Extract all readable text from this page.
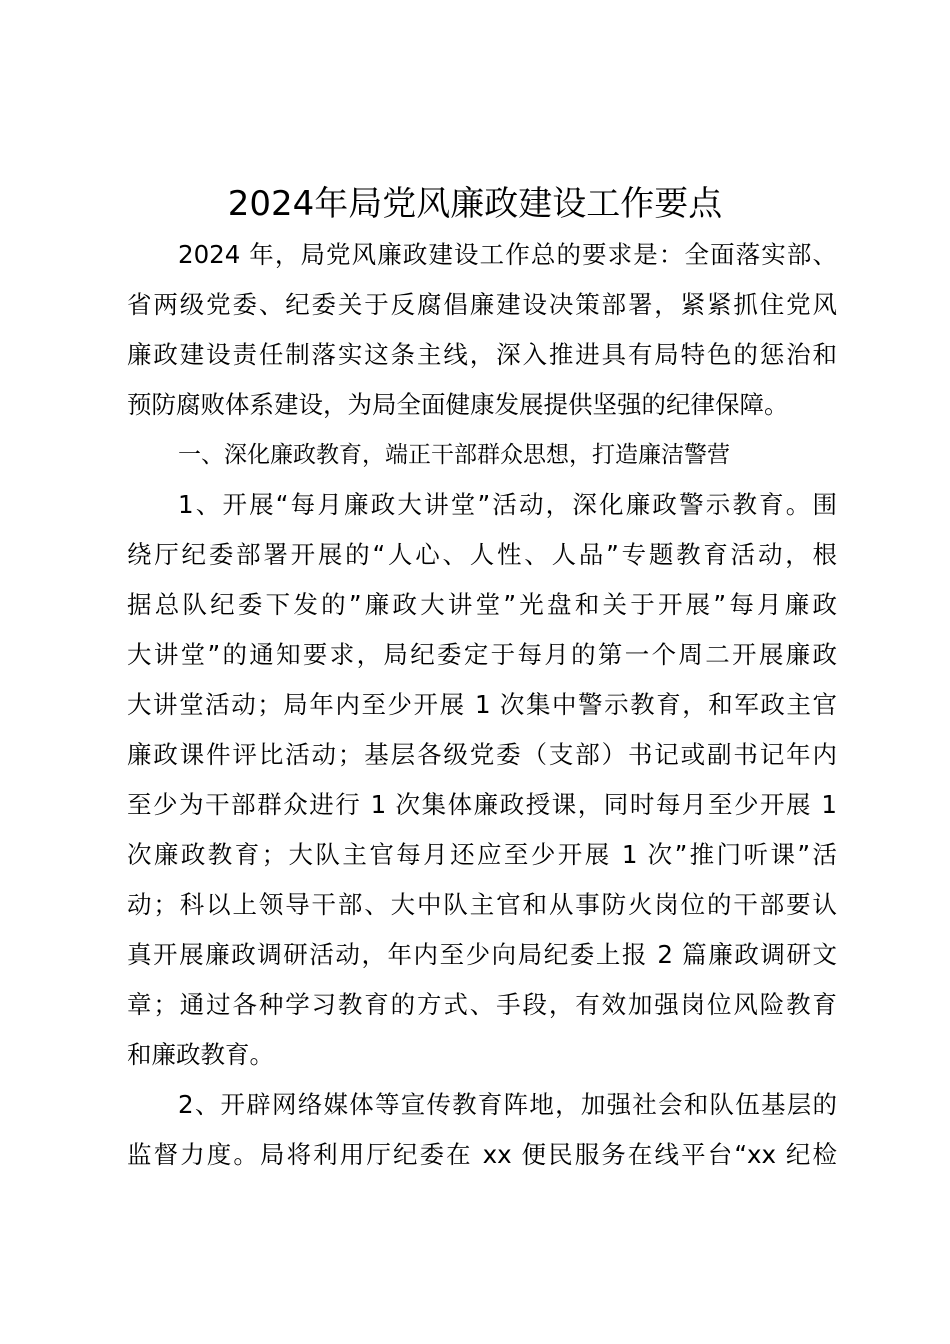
2024年局党风廉政建设工作要点
2024 年，局党风廉政建设工作总的要求是：全面落实部、
省两级党委、纪委关于反腐倡廉建设决策部署，紧紧抓住党风
廉政建设责任制落实这条主线，深入推进具有局特色的惩治和
预防腐败体系建设，为局全面健康发展提供坚强的纪律保障。
一、深化廉政教育，端正干部群众思想，打造廉洁警营
1、开展“每月廉政大讲堂”活动，深化廉政警示教育。围
绕厅纪委部署开展的“人心、人性、人品”专题教育活动，根
据总队纪委下发的”廉政大讲堂”光盘和关于开展”每月廉政
大讲堂”的通知要求，局纪委定于每月的第一个周二开展廉政
大讲堂活动；局年内至少开展 1 次集中警示教育，和军政主官
廉政课件评比活动；基层各级党委（支部）书记或副书记年内
至少为干部群众进行 1 次集体廉政授课，同时每月至少开展 1
次廉政教育；大队主官每月还应至少开展 1 次”推门听课”活
动；科以上领导干部、大中队主官和从事防火岗位的干部要认
真开展廉政调研活动，年内至少向局纪委上报 2 篇廉政调研文
章；通过各种学习教育的方式、手段，有效加强岗位风险教育
和廉政教育。
2、开辟网络媒体等宣传教育阵地，加强社会和队伍基层的
监督力度。局将利用厅纪委在 xx 便民服务在线平台“xx 纪检
